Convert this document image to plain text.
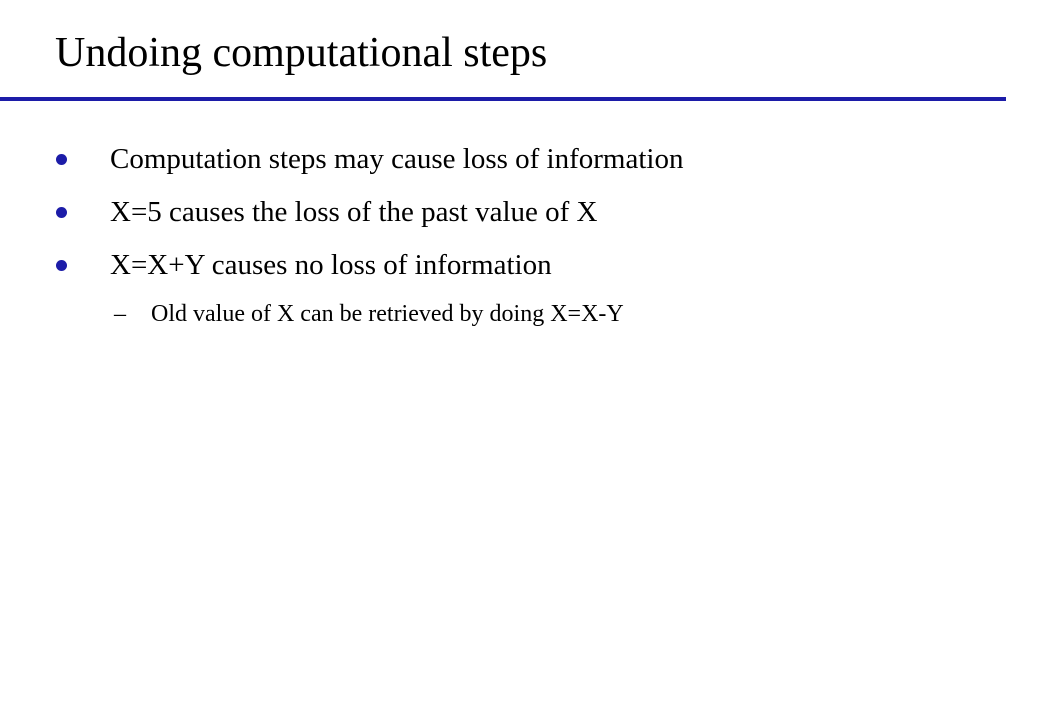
Undoing computational steps
Computation steps may cause loss of information
X=5 causes the loss of the past value of X
X=X+Y causes no loss of information
– Old value of X can be retrieved by doing X=X-Y
